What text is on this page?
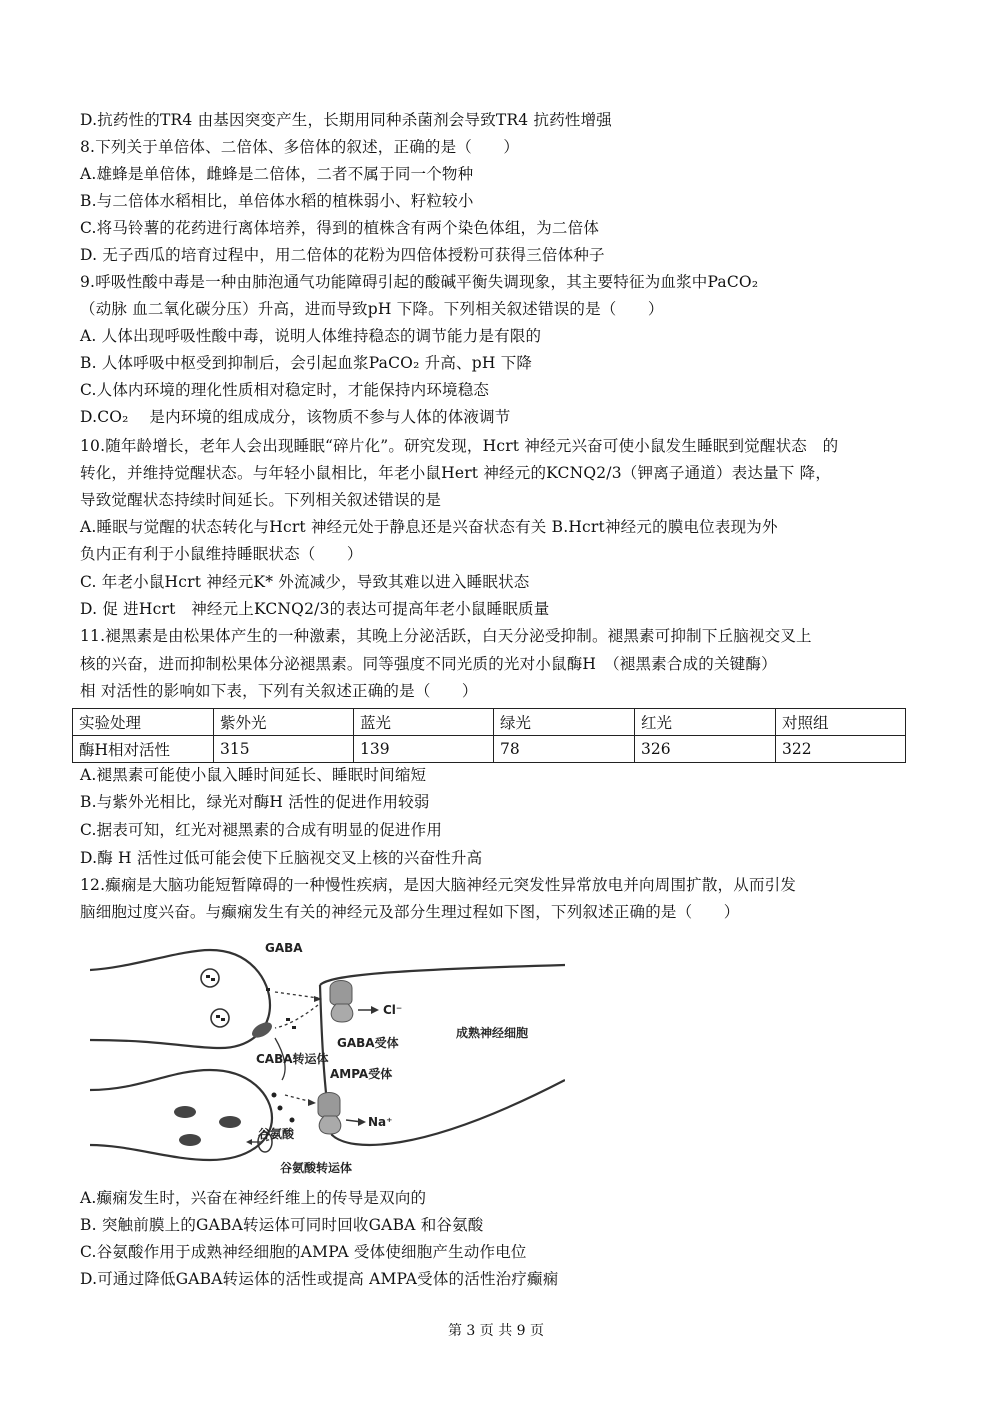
D.抗药性的TR4 由基因突变产生，长期用同种杀菌剂会导致TR4 抗药性增强
8.下列关于单倍体、二倍体、多倍体的叙述，正确的是（　　）
A.雄蜂是单倍体，雌蜂是二倍体，二者不属于同一个物种
B.与二倍体水稻相比，单倍体水稻的植株弱小、籽粒较小
C.将马铃薯的花药进行离体培养，得到的植株含有两个染色体组，为二倍体
D. 无子西瓜的培育过程中，用二倍体的花粉为四倍体授粉可获得三倍体种子
9.呼吸性酸中毒是一种由肺泡通气功能障碍引起的酸碱平衡失调现象，其主要特征为血浆中PaCO₂
（动脉 血二氧化碳分压）升高，进而导致pH 下降。下列相关叙述错误的是（　　）
A. 人体出现呼吸性酸中毒，说明人体维持稳态的调节能力是有限的
B. 人体呼吸中枢受到抑制后，会引起血浆PaCO₂ 升高、pH 下降
C.人体内环境的理化性质相对稳定时，才能保持内环境稳态
D.CO₂　 是内环境的组成成分，该物质不参与人体的体液调节
10.随年龄增长，老年人会出现睡眠“碎片化”。研究发现，Hcrt 神经元兴奋可使小鼠发生睡眠到觉醒状态　的
转化，并维持觉醒状态。与年轻小鼠相比，年老小鼠Hert 神经元的KCNQ2/3（钾离子通道）表达量下 降，
导致觉醒状态持续时间延长。下列相关叙述错误的是
A.睡眠与觉醒的状态转化与Hcrt 神经元处于静息还是兴奋状态有关 B.Hcrt神经元的膜电位表现为外
负内正有利于小鼠维持睡眠状态（　　）
C. 年老小鼠Hcrt 神经元K* 外流减少，导致其难以进入睡眠状态
D. 促 进Hcrt　神经元上KCNQ2/3的表达可提高年老小鼠睡眠质量
11.褪黑素是由松果体产生的一种激素，其晚上分泌活跃，白天分泌受抑制。褪黑素可抑制下丘脑视交叉上
核的兴奋，进而抑制松果体分泌褪黑素。同等强度不同光质的光对小鼠酶H　（褪黑素合成的关键酶）
相 对活性的影响如下表，下列有关叙述正确的是（　　）
实验处理	紫外光	蓝光	绿光	红光	对照组
酶H相对活性	315	139	78	326	322
A.褪黑素可能使小鼠入睡时间延长、睡眠时间缩短
B.与紫外光相比，绿光对酶H 活性的促进作用较弱
C.据表可知，红光对褪黑素的合成有明显的促进作用
D.酶 H 活性过低可能会使下丘脑视交叉上核的兴奋性升高
12.癫痫是大脑功能短暂障碍的一种慢性疾病，是因大脑神经元突发性异常放电并向周围扩散，从而引发
脑细胞过度兴奋。与癫痫发生有关的神经元及部分生理过程如下图，下列叙述正确的是（　　）
GABA
Cl⁻
GABA受体
成熟神经细胞
CABA转运体
AMPA受体
Na⁺
谷氨酸
谷氨酸转运体
A.癫痫发生时，兴奋在神经纤维上的传导是双向的
B. 突触前膜上的GABA转运体可同时回收GABA 和谷氨酸
C.谷氨酸作用于成熟神经细胞的AMPA 受体使细胞产生动作电位
D.可通过降低GABA转运体的活性或提高 AMPA受体的活性治疗癫痫
第 3 页 共 9 页
